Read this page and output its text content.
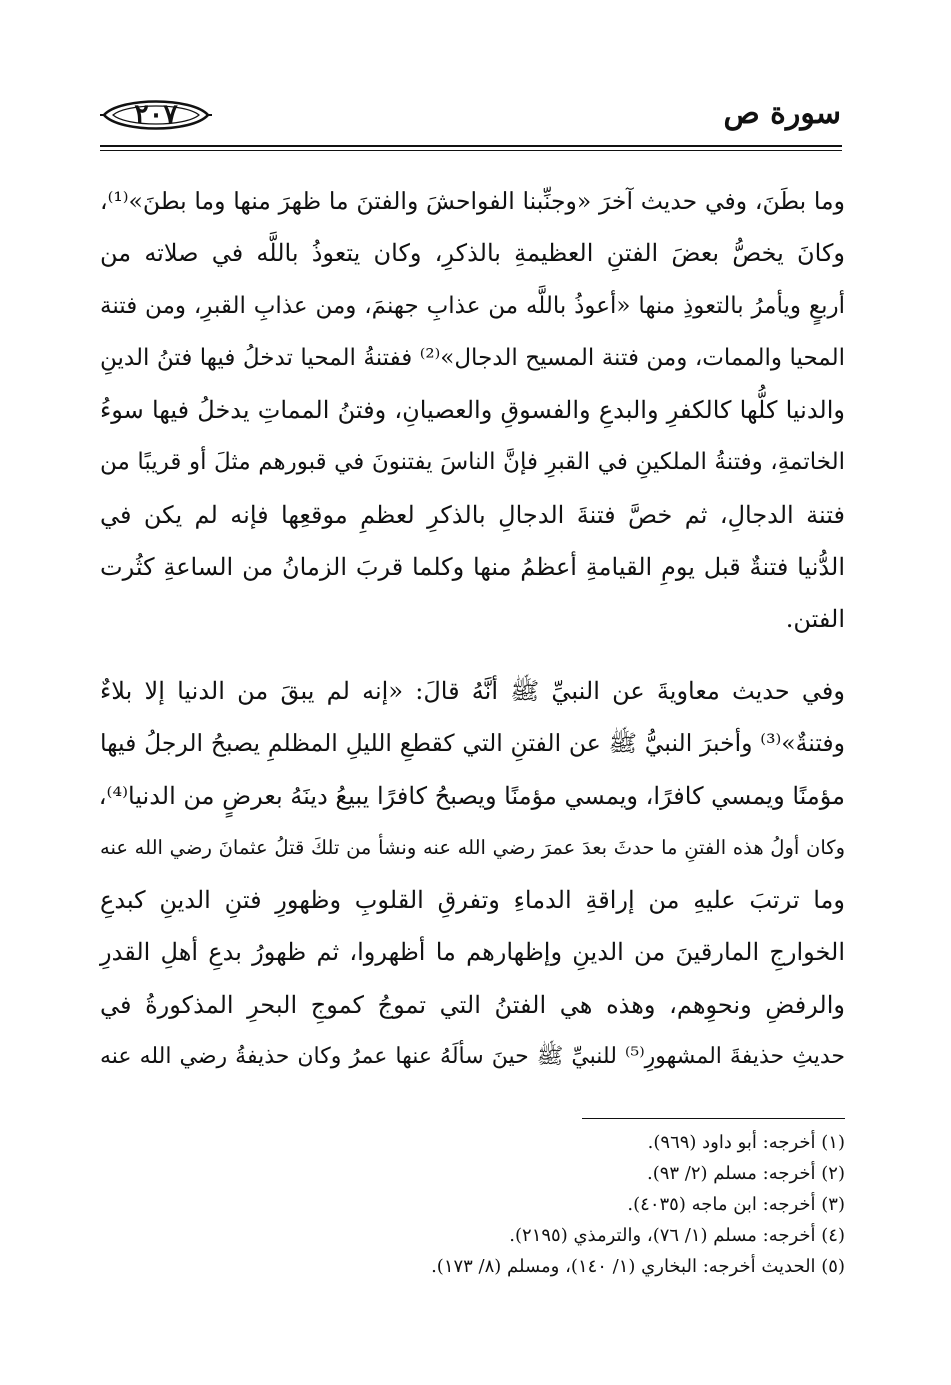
٢٠٧	سورة ص
وما بطَنَ، وفي حديث آخرَ «وجنِّبنا الفواحشَ والفتنَ ما ظهرَ منها وما بطنَ»⁽¹⁾،
وكانَ يخصُّ بعضَ الفتنِ العظيمةِ بالذكرِ، وكان يتعوذُ باللَّه في صلاته من
أربعٍ ويأمرُ بالتعوذِ منها «أعوذُ باللَّه من عذابِ جهنمَ، ومن عذابِ القبرِ، ومن فتنة
المحيا والممات، ومن فتنة المسيح الدجال»⁽²⁾ ففتنةُ المحيا تدخلُ فيها فتنُ الدينِ
والدنيا كلُّها كالكفرِ والبدعِ والفسوقِ والعصيانِ، وفتنُ المماتِ يدخلُ فيها سوءُ
الخاتمةِ، وفتنةُ الملكينِ في القبرِ فإنَّ الناسَ يفتنونَ في قبورهم مثلَ أو قريبًا من
فتنة الدجالِ، ثم خصَّ فتنةَ الدجالِ بالذكرِ لعظمِ موقعِها فإنه لم يكن في
الدُّنيا فتنةٌ قبل يومِ القيامةِ أعظمُ منها وكلما قربَ الزمانُ من الساعةِ كثُرت
الفتن.
وفي حديث معاويةَ عن النبيِّ ﷺ أنَّهُ قالَ: «إنه لم يبقَ من الدنيا إلا بلاءٌ
وفتنةٌ»⁽³⁾ وأخبرَ النبيُّ ﷺ عن الفتنِ التي كقطعِ الليلِ المظلمِ يصبحُ الرجلُ فيها
مؤمنًا ويمسي كافرًا، ويمسي مؤمنًا ويصبحُ كافرًا يبيعُ دينَهُ بعرضٍ من الدنيا⁽⁴⁾،
وكان أولُ هذه الفتنِ ما حدثَ بعدَ عمرَ رضي الله عنه ونشأ من تلكَ قتلُ عثمانَ رضي الله عنه
وما ترتبَ عليهِ من إراقةِ الدماءِ وتفرقِ القلوبِ وظهورِ فتنِ الدينِ كبدعِ
الخوارجِ المارقينَ من الدينِ وإظهارهم ما أظهروا، ثم ظهورُ بدعِ أهلِ القدرِ
والرفضِ ونحوِهم، وهذه هي الفتنُ التي تموجُ كموجِ البحرِ المذكورةُ في
حديثِ حذيفةَ المشهورِ⁽⁵⁾ للنبيِّ ﷺ حينَ سألَهُ عنها عمرُ وكان حذيفةُ رضي الله عنه
(١) أخرجه: أبو داود (٩٦٩).
(٢) أخرجه: مسلم (٢/ ٩٣).
(٣) أخرجه: ابن ماجه (٤٠٣٥).
(٤) أخرجه: مسلم (١/ ٧٦)، والترمذي (٢١٩٥).
(٥) الحديث أخرجه: البخاري (١/ ١٤٠)، ومسلم (٨/ ١٧٣).
